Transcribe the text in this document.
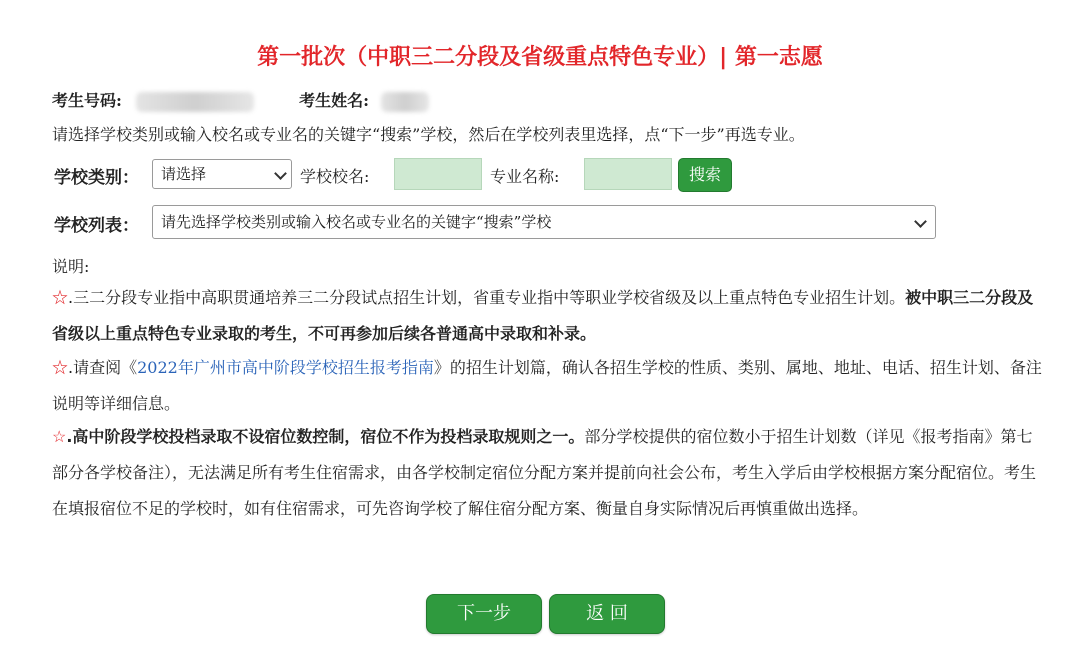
第一批次（中职三二分段及省级重点特色专业）| 第一志愿
考生号码:	考生姓名:
请选择学校类别或输入校名或专业名的关键字“搜索”学校，然后在学校列表里选择，点“下一步”再选专业。
学校类别：	请选择	学校校名:	专业名称:	搜索
学校列表：	请先选择学校类别或输入校名或专业名的关键字“搜索”学校
说明:
☆.三二分段专业指中高职贯通培养三二分段试点招生计划，省重专业指中等职业学校省级及以上重点特色专业招生计划。被中职三二分段及省级以上重点特色专业录取的考生，不可再参加后续各普通高中录取和补录。
☆.请查阅《2022年广州市高中阶段学校招生报考指南》的招生计划篇，确认各招生学校的性质、类别、属地、地址、电话、招生计划、备注说明等详细信息。
☆.高中阶段学校投档录取不设宿位数控制，宿位不作为投档录取规则之一。部分学校提供的宿位数小于招生计划数（详见《报考指南》第七部分各学校备注），无法满足所有考生住宿需求，由各学校制定宿位分配方案并提前向社会公布，考生入学后由学校根据方案分配宿位。考生在填报宿位不足的学校时，如有住宿需求，可先咨询学校了解住宿分配方案、衡量自身实际情况后再慎重做出选择。
下一步	返 回
